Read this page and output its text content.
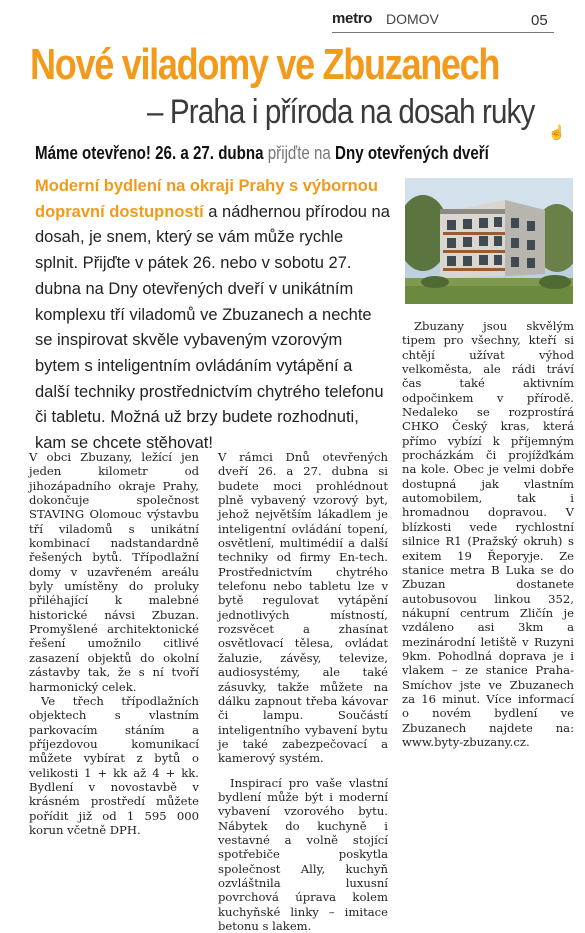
metro DOMOV	05
Nové viladomy ve Zbuzanech
– Praha i příroda na dosah ruky
☝
Máme otevřeno! 26. a 27. dubna přijďte na Dny otevřených dveří
Moderní bydlení na okraji Prahy s výbornou dopravní dostupností a nádhernou přírodou na dosah, je snem, který se vám může rychle splnit. Přijďte v pátek 26. nebo v sobotu 27. dubna na Dny otevřených dveří v unikátním komplexu tří viladomů ve Zbuzanech a nechte se inspirovat skvěle vybaveným vzorovým bytem s inteligentním ovládáním vytápění a další techniky prostřednictvím chytrého telefonu či tabletu. Možná už brzy budete rozhodnuti, kam se chcete stěhovat!

V obci Zbuzany, ležící jen jeden kilometr od jihozápadního okraje Prahy, dokončuje společnost STAVING Olomouc výstavbu tří viladomů s unikátní kombinací nadstandardně řešených bytů. Třípodlažní domy v uzavřeném areálu byly umístěny do proluky přiléhající k malebné historické návsi Zbuzan. Promyšlené architektonické řešení umožnilo citlivé zasazení objektů do okolní zástavby tak, že s ní tvoří harmonický celek.

Ve třech třípodlažních objektech s vlastním parkovacím stáním a příjezdovou komunikací můžete vybírat z bytů o velikosti 1 + kk až 4 + kk. Bydlení v novostavbě v krásném prostředí můžete pořídit již od 1 595 000 korun včetně DPH.

V rámci Dnů otevřených dveří 26. a 27. dubna si budete moci prohlédnout plně vybavený vzorový byt, jehož největším lákadlem je inteligentní ovládání topení, osvětlení, multimédií a další techniky od firmy En-tech. Prostřednictvím chytrého telefonu nebo tabletu lze v bytě regulovat vytápění jednotlivých místností, rozsvěcet a zhasínat osvětlovací tělesa, ovládat žaluzie, závěsy, televize, audiosystémy, ale také zásuvky, takže můžete na dálku zapnout třeba kávovar či lampu. Součástí inteligentního vybavení bytu je také zabezpečovací a kamerový systém.

Inspirací pro vaše vlastní bydlení může být i moderní vybavení vzorového bytu. Nábytek do kuchyně i vestavné a volně stojící spotřebiče poskytla společnost Ally, kuchyň ozvláštnila luxusní povrchová úprava kolem kuchyňské linky – imitace betonu s lakem.

Zbuzany jsou skvělým tipem pro všechny, kteří si chtějí užívat výhod velkoměsta, ale rádi tráví čas také aktivním odpočinkem v přírodě. Nedaleko se rozprostírá CHKO Český kras, která přímo vybízí k příjemným procházkám či projížďkám na kole. Obec je velmi dobře dostupná jak vlastním automobilem, tak i hromadnou dopravou. V blízkosti vede rychlostní silnice R1 (Pražský okruh) s exitem 19 Řeporyje. Ze stanice metra B Luka se do Zbuzan dostanete autobusovou linkou 352, nákupní centrum Zličín je vzdáleno asi 3km a mezinárodní letiště v Ruzyni 9km. Pohodlná doprava je i vlakem – ze stanice Praha-Smíchov jste ve Zbuzanech za 16 minut. Více informací o novém bydlení ve Zbuzanech najdete na: www.byty-zbuzany.cz.
